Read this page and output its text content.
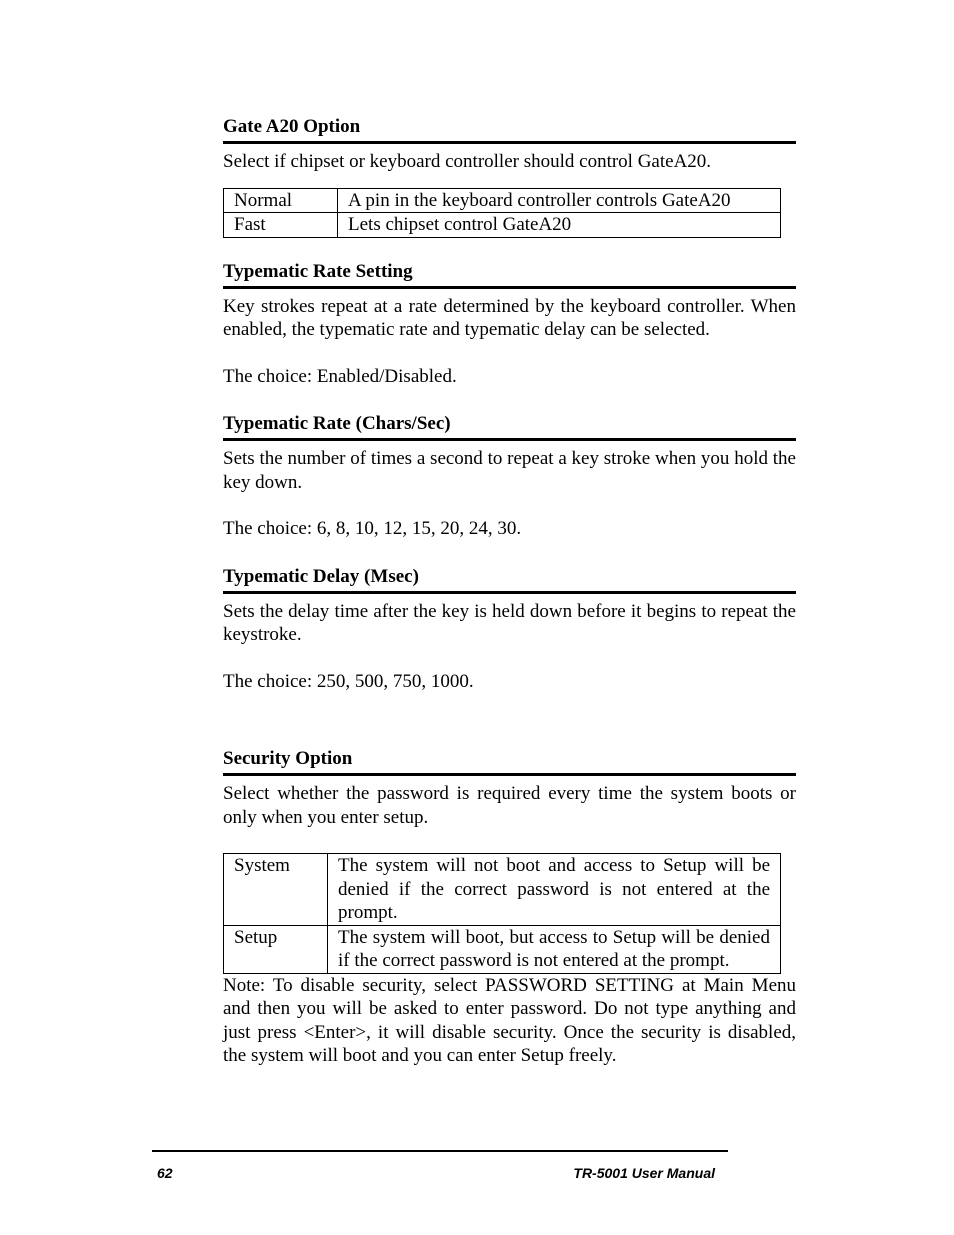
Gate A20 Option

Select if chipset or keyboard controller should control GateA20.

Normal	A pin in the keyboard controller controls GateA20
Fast	Lets chipset control GateA20
Typematic Rate Setting

Key strokes repeat at a rate determined by the keyboard controller. When enabled, the typematic rate and typematic delay can be selected.

The choice: Enabled/Disabled.

Typematic Rate (Chars/Sec)

Sets the number of times a second to repeat a key stroke when you hold the key down.

The choice: 6, 8, 10, 12, 15, 20, 24, 30.

Typematic Delay (Msec)

Sets the delay time after the key is held down before it begins to repeat the keystroke.

The choice: 250, 500, 750, 1000.

Security Option

Select whether the password is required every time the system boots or only when you enter setup.

System	The system will not boot and access to Setup will be denied if the correct password is not entered at the prompt.
Setup	The system will boot, but access to Setup will be denied if the correct password is not entered at the prompt.

Note: To disable security, select PASSWORD SETTING at Main Menu and then you will be asked to enter password. Do not type anything and just press <Enter>, it will disable security. Once the security is disabled, the system will boot and you can enter Setup freely.

62	TR-5001 User Manual
